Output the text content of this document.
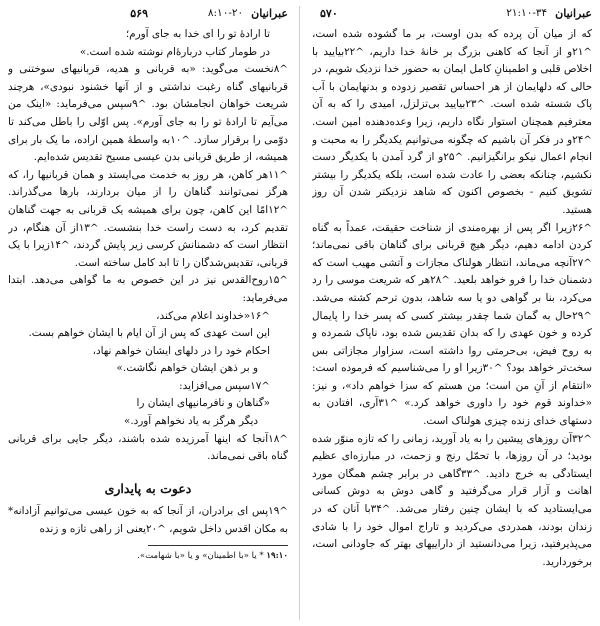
عبرانیان
۸:۱۰-۲۰
۵۶۹

تا ارادهٔ تو را ای خدا به جای آورم؛

در طومار کتاب دربارهٔ‌ام نوشته شده است.»

^۸نخست می‌گوید: «به قربانی و هدیه، قربانیهای سوختنی و قربانیهای گناه رغبت نداشتی و از آنها خشنود نبودی»، هرچند شریعت خواهان انجامشان بود. ^۹سپس می‌فرماید: «اینک من می‌آیم تا ارادهٔ تو را به جای آورم». پس اوّلی را باطل می‌کند تا دوّمی را برقرار سازد. ^۱۰به واسطهٔ همین اراده، ما یک بار برای همیشه، از طریق قربانی بدن عیسی مسیح تقدیس شده‌ایم.

^۱۱هر کاهن، هر روز به خدمت می‌ایستد و همان قربانیها را، که هرگز نمی‌توانند گناهان را از میان بردارند، بارها می‌گذراند. ^۱۲امّا این کاهن، چون برای همیشه یک قربانی به جهت گناهان تقدیم کرد، به دست راست خدا بنشست. ^۱۳از آن هنگام، در انتظار است که دشمنانش کرسی زیر پایش گردند، ^۱۴زیرا با یک قربانی، تقدیس‌شدگان را تا ابد کامل ساخته است.

^۱۵روح‌القدس نیز در این خصوص به ما گواهی می‌دهد. ابتدا می‌فرماید:

^۱۶«خداوند اعلام می‌کند،

این است عهدی که پس از آن ایام با ایشان خواهم بست.

احکام خود را در دلهای ایشان خواهم نهاد،

و بر ذهن ایشان خواهم نگاشت.»

^۱۷سپس می‌افزاید:

«گناهان و نافرمانیهای ایشان را

دیگر هرگز به یاد نخواهم آورد.»

^۱۸آنجا که اینها آمرزیده شده باشند، دیگر جایی برای قربانی گناه باقی نمی‌ماند.

دعوت به پایداری

^۱۹پس ای برادران، از آنجا که به خون عیسی می‌توانیم آزادانه* به مکان اقدس داخل شویم، ^۲۰یعنی از راهی تازه و زنده

۱۹:۱۰ * یا «با اطمینان» و یا «با شهامت».
عبرانیان
۲۱:۱۰-۳۴
۵۷۰

که از میان آن پرده که بدن اوست، بر ما گشوده شده است، ^۲۱و از آنجا که کاهنی بزرگ بر خانهٔ خدا داریم، ^۲۲بیایید با اخلاص قلبی و اطمینانِ کامل ایمان به حضور خدا نزدیک شویم، در حالی که دلهایمان از هر احساس تقصیر زدوده و بدنهایمان با آب پاک شسته شده است. ^۲۳بیایید بی‌تزلزل، امیدی را که به آن معترفیم همچنان استوار نگاه داریم، زیرا وعده‌دهنده امین است. ^۲۴و در فکر آن باشیم که چگونه می‌توانیم یکدیگر را به محبت و انجام اعمال نیکو برانگیزانیم. ^۲۵و از گرد آمدن با یکدیگر دست نکشیم، چنانکه بعضی را عادت شده است، بلکه یکدیگر را بیشتر تشویق کنیم - بخصوص اکنون که شاهد نزدیکتر شدن آن روز هستید.

^۲۶زیرا اگر پس از بهره‌مندی از شناخت حقیقت، عمداً به گناه کردن ادامه دهیم، دیگر هیچ قربانی برای گناهان باقی نمی‌ماند؛ ^۲۷آنچه می‌ماند، انتظار هولناک مجازات و آتشی مهیب است که دشمنان خدا را فرو خواهد بلعید. ^۲۸هر که شریعت موسی را رد می‌کرد، بنا بر گواهی دو یا سه شاهد، بدون ترحم کشته می‌شد. ^۲۹حال به گمان شما چقدر بیشتر کسی که پسر خدا را پایمال کرده و خون عهدی را که بدان تقدیس شده بود، ناپاک شمرده و به روح فیض، بی‌حرمتی روا داشته است، سزاوار مجازاتی بس سخت‌تر خواهد بود؟ ^۳۰زیرا او را می‌شناسیم که فرموده است: «انتقام از آنِ من است؛ من هستم که سزا خواهم داد»، و نیز: «خداوند قوم خود را داوری خواهد کرد.» ^۳۱آری، افتادن به دستهای خدای زنده چیزی هولناک است.

^۳۲آن روزهای پیشین را به یاد آورید، زمانی را که تازه منوّر شده بودید؛ در آن روزها، با تحمّل رنج و زحمت، در مبارزه‌ای عظیم ایستادگی به خرج دادید. ^۳۳گاهی در برابر چشم همگان مورد اهانت و آزار قرار می‌گرفتید و گاهی دوش به دوش کسانی می‌ایستادید که با ایشان چنین رفتار می‌شد. ^۳۴با آنان که در زندان بودند، همدردی می‌کردید و تاراج اموال خود را با شادی می‌پذیرفتید، زیرا می‌دانستید از داراییهای بهتر که جاودانی است، برخوردارید.
